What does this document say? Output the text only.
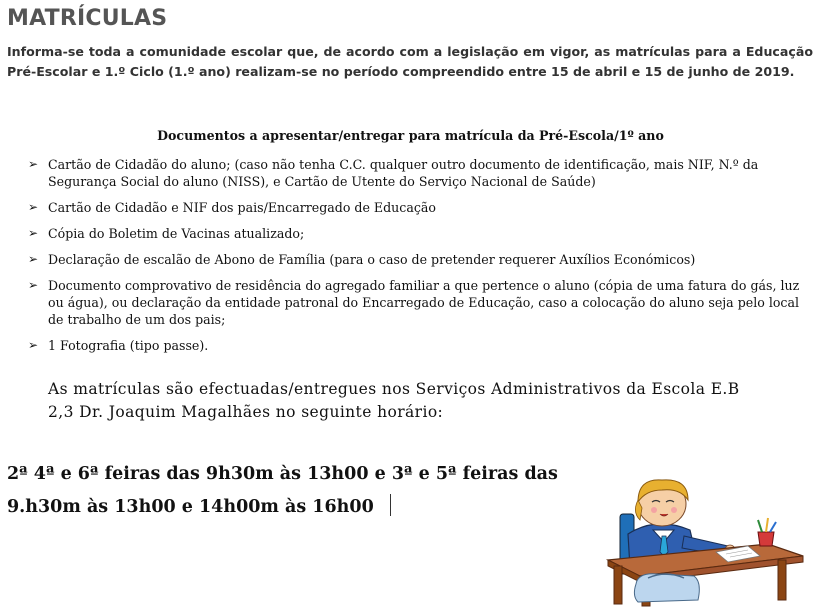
MATRÍCULAS
Informa-se toda a comunidade escolar que, de acordo com a legislação em vigor, as matrículas para a Educação Pré-Escolar e 1.º Ciclo (1.º ano) realizam-se no período compreendido entre 15 de abril e 15 de junho de 2019.
Documentos a apresentar/entregar para matrícula da Pré-Escola/1º ano
➢ Cartão de Cidadão do aluno; (caso não tenha C.C. qualquer outro documento de identificação, mais NIF, N.º da Segurança Social do aluno (NISS), e Cartão de Utente do Serviço Nacional de Saúde)
➢ Cartão de Cidadão e NIF dos pais/Encarregado de Educação
➢ Cópia do Boletim de Vacinas atualizado;
➢ Declaração de escalão de Abono de Família (para o caso de pretender requerer Auxílios Económicos)
➢ Documento comprovativo de residência do agregado familiar a que pertence o aluno (cópia de uma fatura do gás, luz ou água), ou declaração da entidade patronal do Encarregado de Educação, caso a colocação do aluno seja pelo local de trabalho de um dos pais;
➢ 1 Fotografia (tipo passe).
As matrículas são efectuadas/entregues nos Serviços Administrativos da Escola E.B 2,3 Dr. Joaquim Magalhães no seguinte horário:
2ª 4ª e 6ª feiras das 9h30m às 13h00 e 3ª e 5ª feiras das
9.h30m às 13h00 e 14h00m às 16h00
